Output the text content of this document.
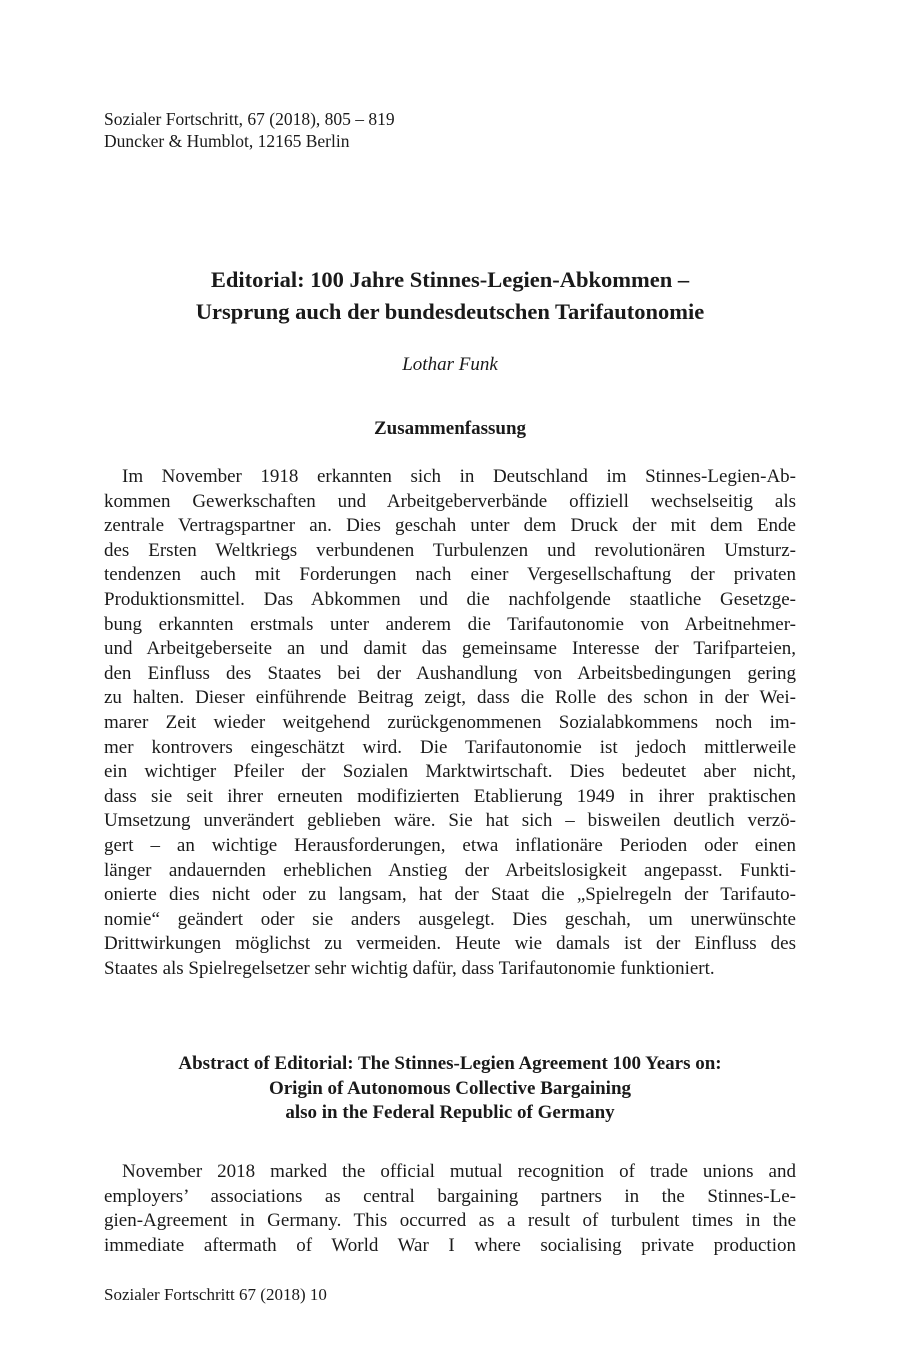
Sozialer Fortschritt, 67 (2018), 805 – 819
Duncker & Humblot, 12165 Berlin
Editorial: 100 Jahre Stinnes-Legien-Abkommen –
Ursprung auch der bundesdeutschen Tarifautonomie
Lothar Funk
Zusammenfassung
Im November 1918 erkannten sich in Deutschland im Stinnes-Legien-Ab-
kommen Gewerkschaften und Arbeitgeberverbände offiziell wechselseitig als
zentrale Vertragspartner an. Dies geschah unter dem Druck der mit dem Ende
des Ersten Weltkriegs verbundenen Turbulenzen und revolutionären Umsturz-
tendenzen auch mit Forderungen nach einer Vergesellschaftung der privaten
Produktionsmittel. Das Abkommen und die nachfolgende staatliche Gesetzge-
bung erkannten erstmals unter anderem die Tarifautonomie von Arbeitnehmer-
und Arbeitgeberseite an und damit das gemeinsame Interesse der Tarifparteien,
den Einfluss des Staates bei der Aushandlung von Arbeitsbedingungen gering
zu halten. Dieser einführende Beitrag zeigt, dass die Rolle des schon in der Wei-
marer Zeit wieder weitgehend zurückgenommenen Sozialabkommens noch im-
mer kontrovers eingeschätzt wird. Die Tarifautonomie ist jedoch mittlerweile
ein wichtiger Pfeiler der Sozialen Marktwirtschaft. Dies bedeutet aber nicht,
dass sie seit ihrer erneuten modifizierten Etablierung 1949 in ihrer praktischen
Umsetzung unverändert geblieben wäre. Sie hat sich – bisweilen deutlich verzö-
gert – an wichtige Herausforderungen, etwa inflationäre Perioden oder einen
länger andauernden erheblichen Anstieg der Arbeitslosigkeit angepasst. Funkti-
onierte dies nicht oder zu langsam, hat der Staat die „Spielregeln der Tarifauto-
nomie“ geändert oder sie anders ausgelegt. Dies geschah, um unerwünschte
Drittwirkungen möglichst zu vermeiden. Heute wie damals ist der Einfluss des
Staates als Spielregelsetzer sehr wichtig dafür, dass Tarifautonomie funktioniert.
Abstract of Editorial: The Stinnes-Legien Agreement 100 Years on:
Origin of Autonomous Collective Bargaining
also in the Federal Republic of Germany
November 2018 marked the official mutual recognition of trade unions and
employers’ associations as central bargaining partners in the Stinnes-Le-
gien-Agreement in Germany. This occurred as a result of turbulent times in the
immediate aftermath of World War I where socialising private production
Sozialer Fortschritt 67 (2018) 10
